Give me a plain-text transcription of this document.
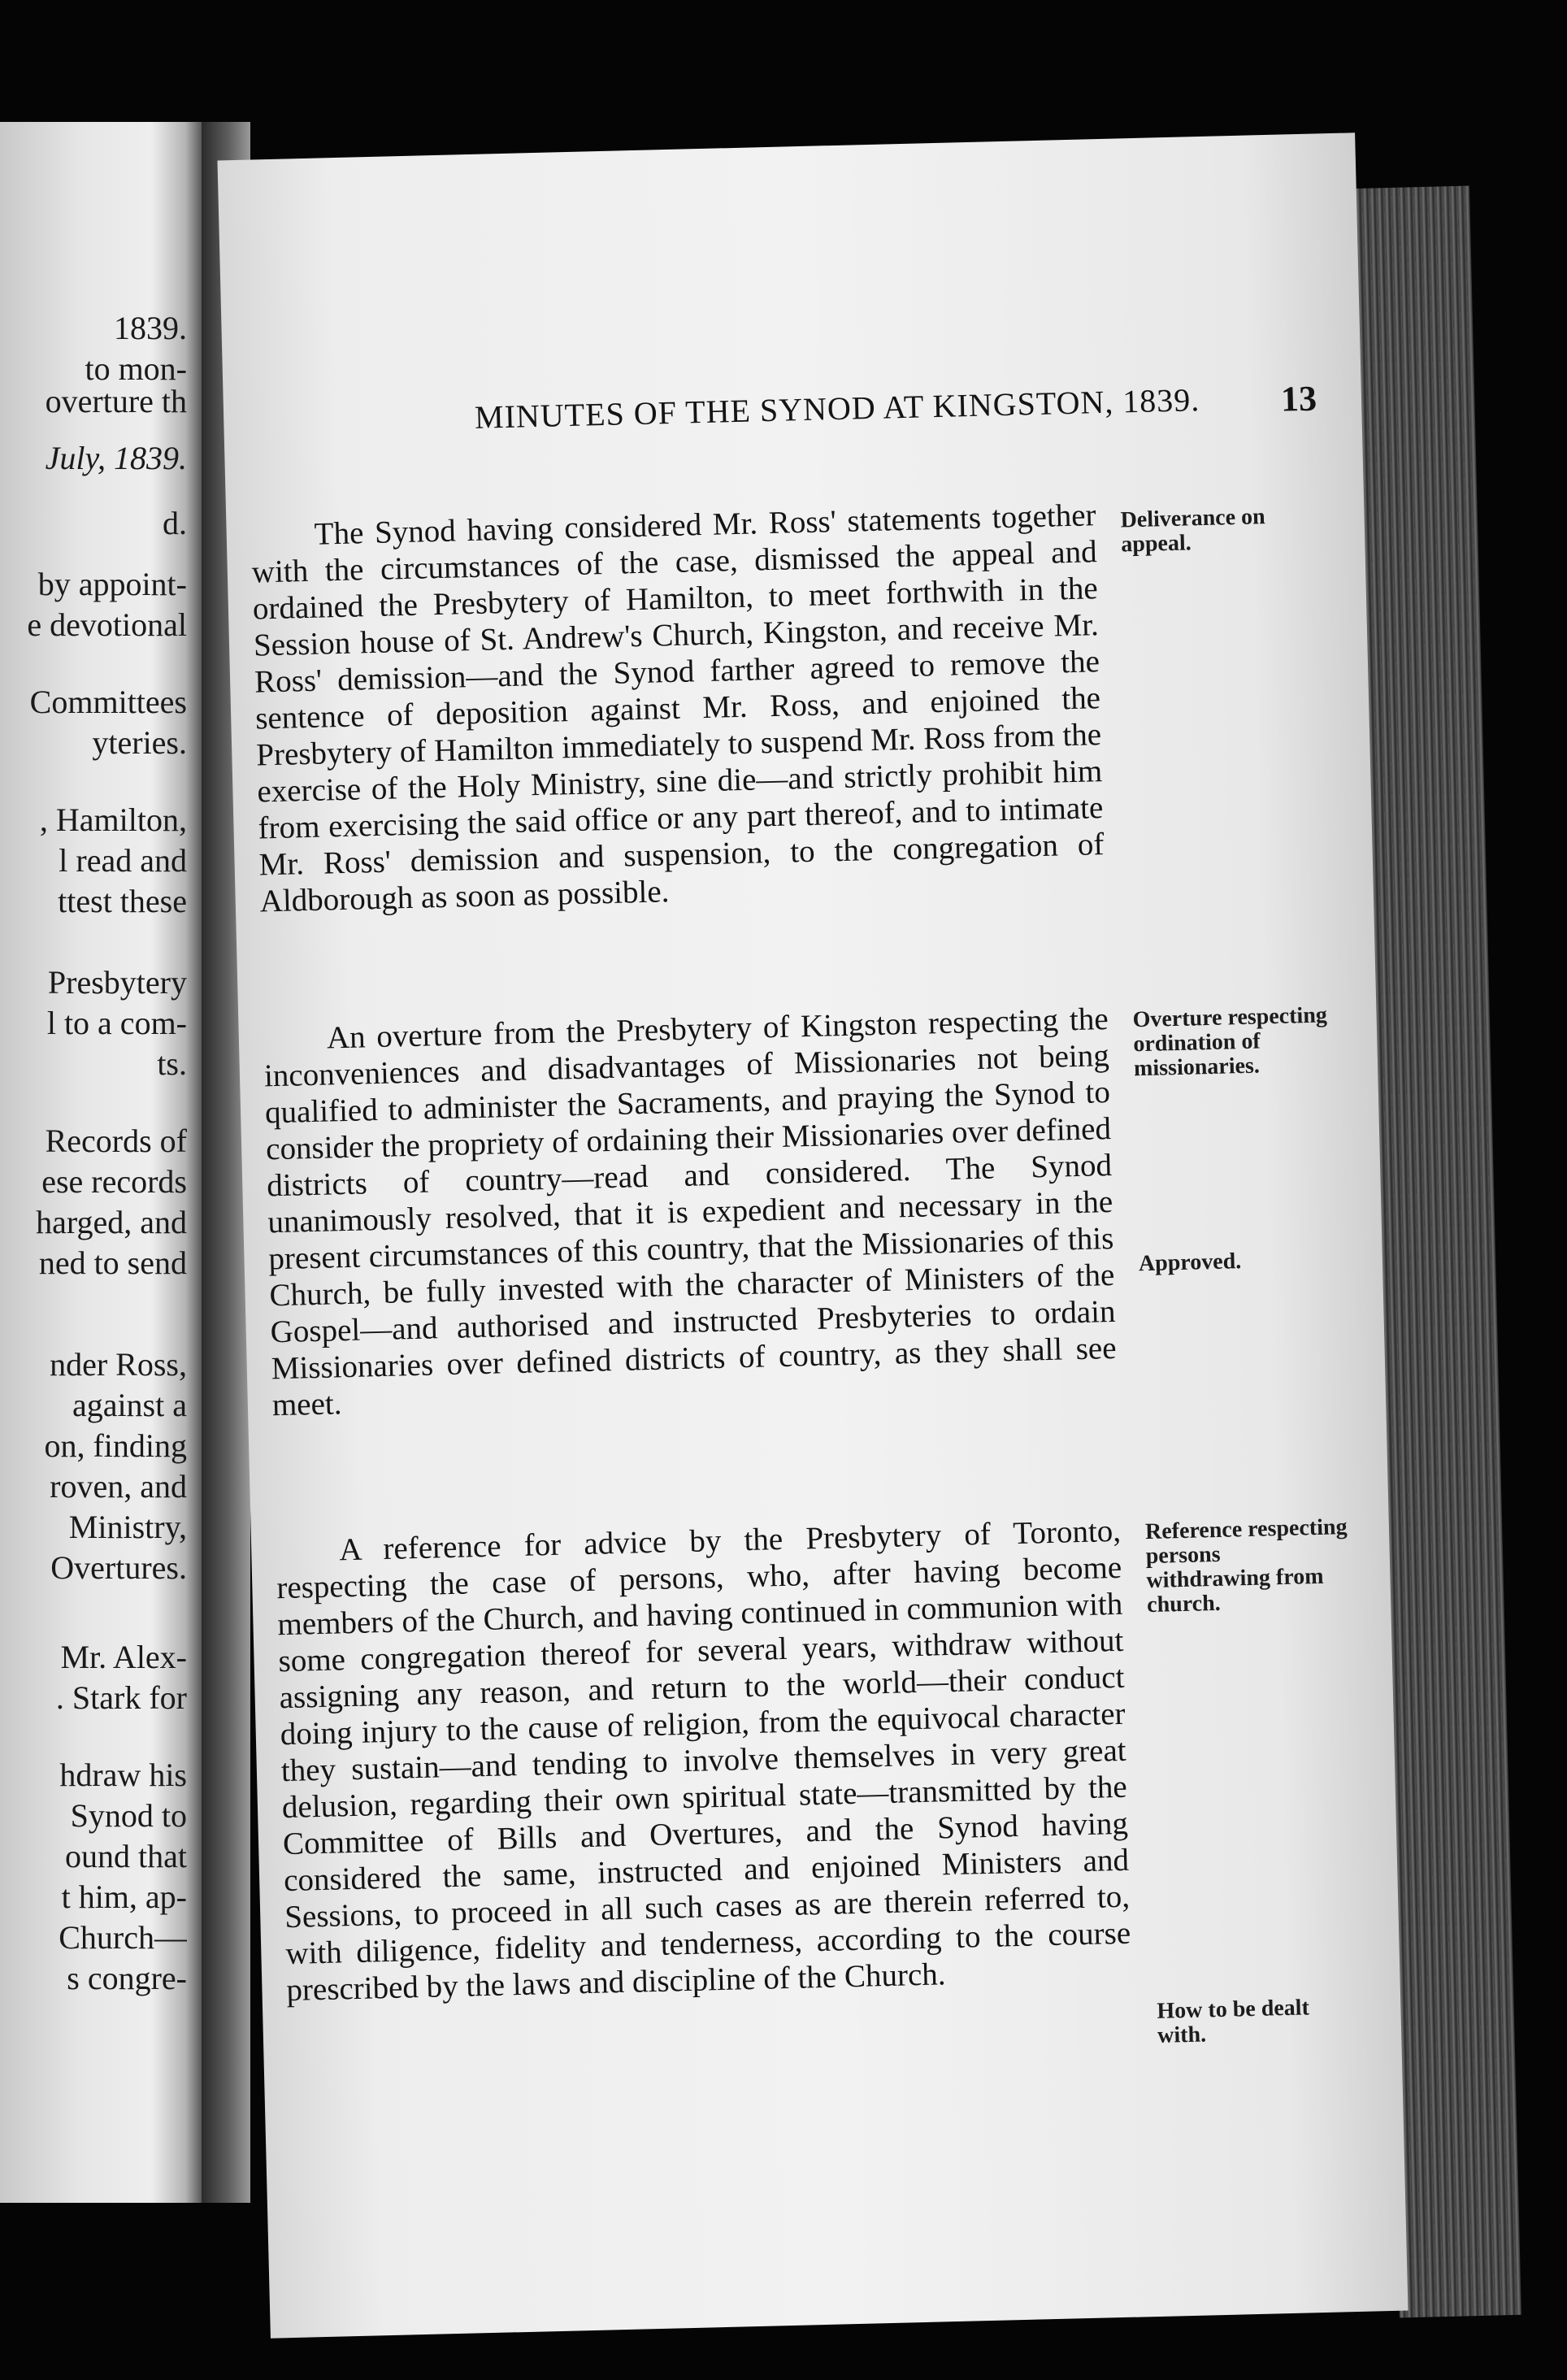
1839.
to mon-
overture th
July, 1839.
d.
by appoint-
e devotional
Committees
yteries.
, Hamilton,
l read and
ttest these
Presbytery
l to a com-
ts.
Records of
ese records
harged, and
ned to send
nder Ross,
against a
on, finding
roven, and
Ministry,
Overtures.
Mr. Alex-
. Stark for
hdraw his
Synod to
ound that
t him, ap-
Church—
s congre-
MINUTES OF THE SYNOD AT KINGSTON, 1839.	13

The Synod having considered Mr. Ross' statements together with the circumstances of the case, dismissed the appeal and ordained the Presbytery of Hamilton, to meet forthwith in the Session house of St. Andrew's Church, Kingston, and receive Mr. Ross' demission—and the Synod farther agreed to remove the sentence of deposition against Mr. Ross, and enjoined the Presbytery of Hamilton immediately to suspend Mr. Ross from the exercise of the Holy Ministry, sine die—and strictly prohibit him from exercising the said office or any part thereof, and to intimate Mr. Ross' demission and suspension, to the congregation of Aldborough as soon as possible.

An overture from the Presbytery of Kingston respecting the inconveniences and disadvantages of Missionaries not being qualified to administer the Sacraments, and praying the Synod to consider the propriety of ordaining their Missionaries over defined districts of country—read and considered. The Synod unanimously resolved, that it is expedient and necessary in the present circumstances of this country, that the Missionaries of this Church, be fully invested with the character of Ministers of the Gospel—and authorised and instructed Presbyteries to ordain Missionaries over defined districts of country, as they shall see meet.

A reference for advice by the Presbytery of Toronto, respecting the case of persons, who, after having become members of the Church, and having continued in communion with some congregation thereof for several years, withdraw without assigning any reason, and return to the world—their conduct doing injury to the cause of religion, from the equivocal character they sustain—and tending to involve themselves in very great delusion, regarding their own spiritual state—transmitted by the Committee of Bills and Overtures, and the Synod having considered the same, instructed and enjoined Ministers and Sessions, to proceed in all such cases as are therein referred to, with diligence, fidelity and tenderness, according to the course prescribed by the laws and discipline of the Church.

Deliverance on appeal.
Overture respecting ordination of missionaries.
Approved.
Reference respecting persons withdrawing from church.
How to be dealt with.
